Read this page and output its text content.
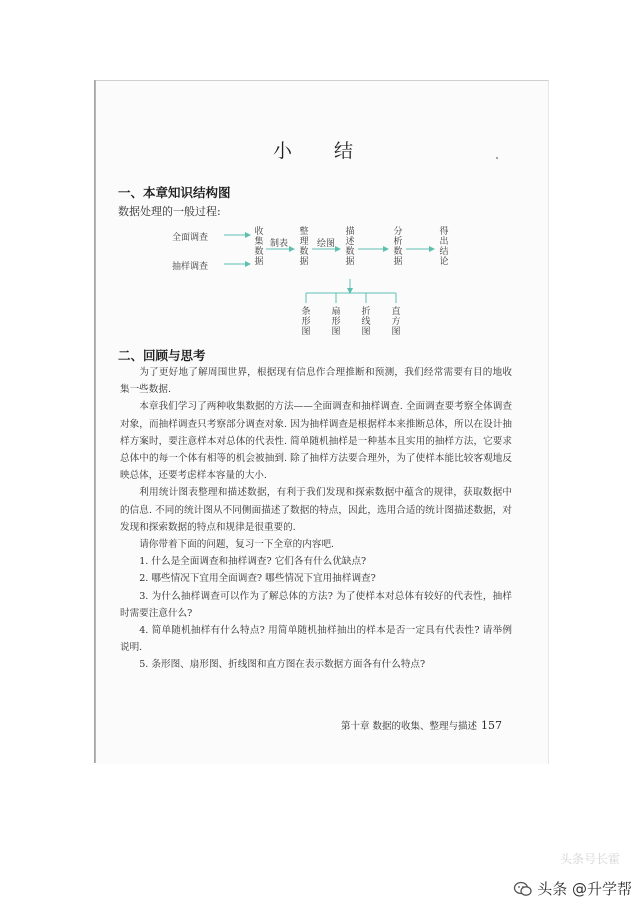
小 结
一、本章知识结构图
数据处理的一般过程:
全面调查
抽样调查
收集数据
制表
整理数据
绘图
描述数据
分析数据
得出结论
条形图
扇形图
折线图
直方图
二、回顾与思考

为了更好地了解周围世界，根据现有信息作合理推断和预测，我们经常需要有目的地收集一些数据.

本章我们学习了两种收集数据的方法——全面调查和抽样调查. 全面调查要考察全体调查对象，而抽样调查只考察部分调查对象. 因为抽样调查是根据样本来推断总体，所以在设计抽样方案时，要注意样本对总体的代表性. 简单随机抽样是一种基本且实用的抽样方法，它要求总体中的每一个体有相等的机会被抽到. 除了抽样方法要合理外，为了使样本能比较客观地反映总体，还要考虑样本容量的大小.

利用统计图表整理和描述数据，有利于我们发现和探索数据中蕴含的规律，获取数据中的信息. 不同的统计图从不同侧面描述了数据的特点，因此，选用合适的统计图描述数据，对发现和探索数据的特点和规律是很重要的.

请你带着下面的问题，复习一下全章的内容吧.

1. 什么是全面调查和抽样调查? 它们各有什么优缺点?

2. 哪些情况下宜用全面调查? 哪些情况下宜用抽样调查?

3. 为什么抽样调查可以作为了解总体的方法? 为了使样本对总体有较好的代表性，抽样时需要注意什么?

4. 简单随机抽样有什么特点? 用简单随机抽样抽出的样本是否一定具有代表性? 请举例说明.

5. 条形图、扇形图、折线图和直方图在表示数据方面各有什么特点?

第十章 数据的收集、整理与描述 157
头条号长霍
头条 @升学帮
